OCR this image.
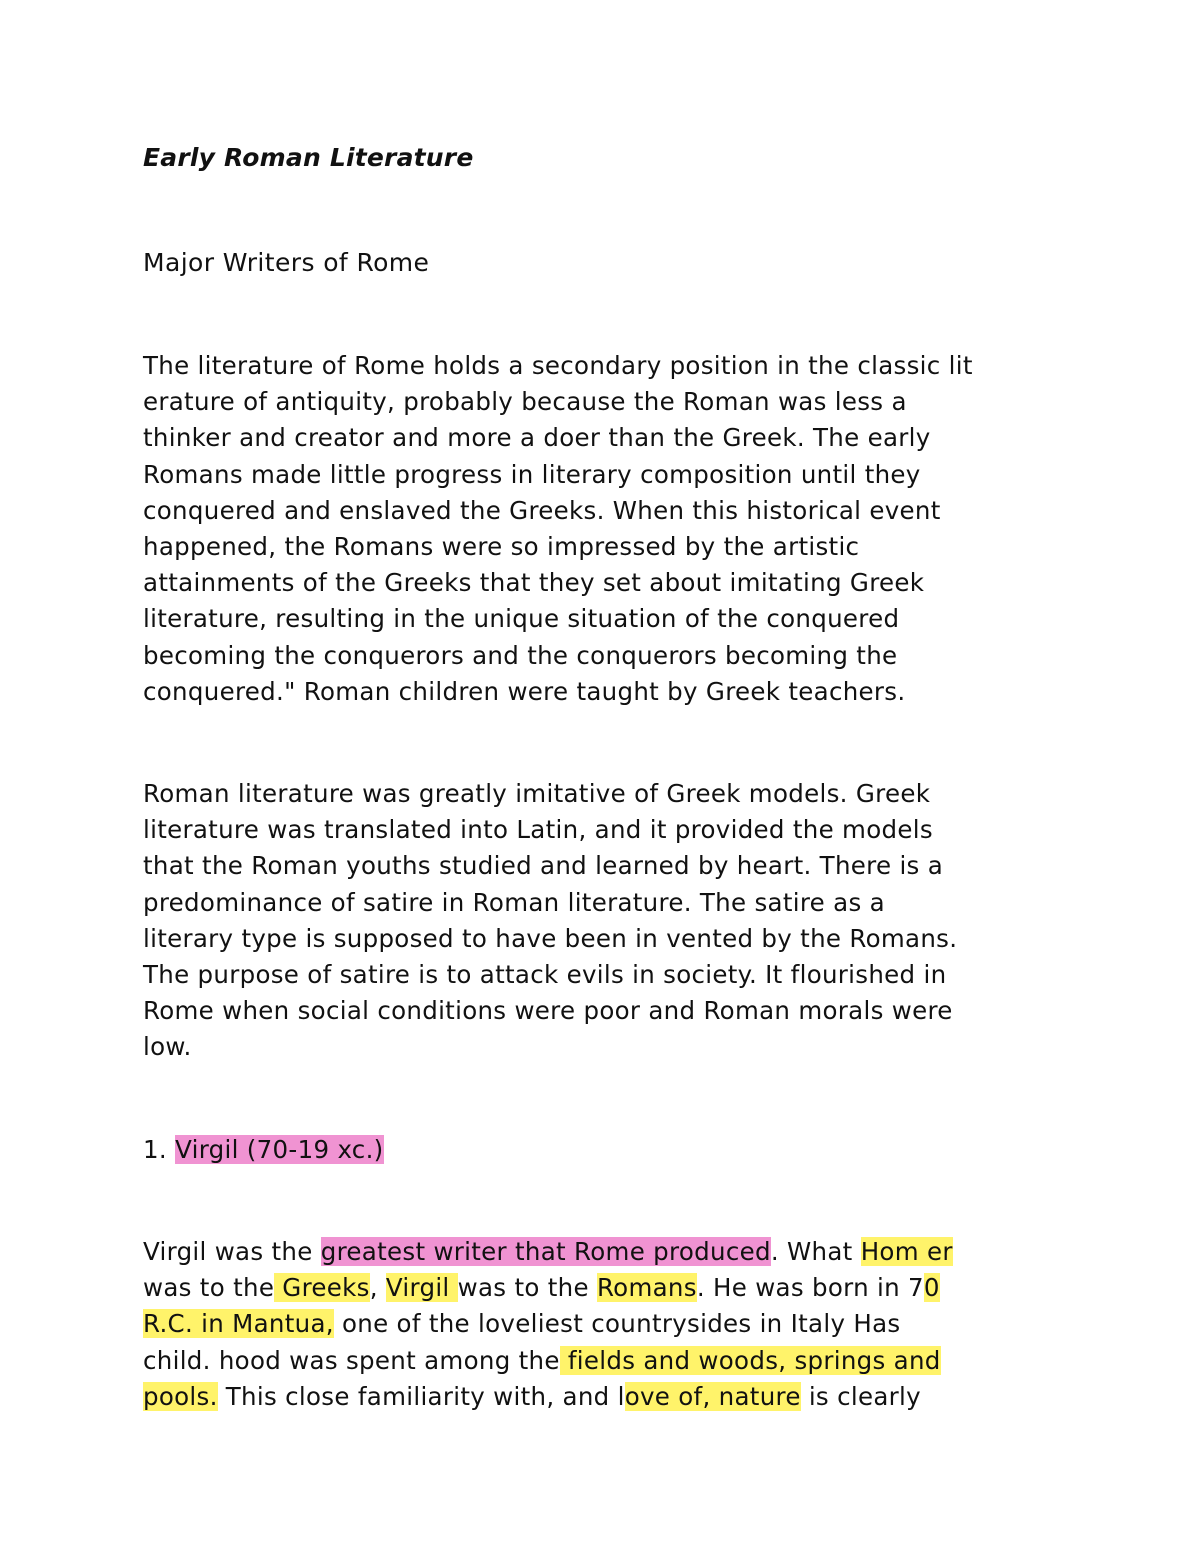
Early Roman Literature
Major Writers of Rome
The literature of Rome holds a secondary position in the classic lit
erature of antiquity, probably because the Roman was less a
thinker and creator and more a doer than the Greek. The early
Romans made little progress in literary composition until they
conquered and enslaved the Greeks. When this historical event
happened, the Romans were so impressed by the artistic
attainments of the Greeks that they set about imitating Greek
literature, resulting in the unique situation of the conquered
becoming the conquerors and the conquerors becoming the
conquered." Roman children were taught by Greek teachers.
Roman literature was greatly imitative of Greek models. Greek
literature was translated into Latin, and it provided the models
that the Roman youths studied and learned by heart. There is a
predominance of satire in Roman literature. The satire as a
literary type is supposed to have been in vented by the Romans.
The purpose of satire is to attack evils in society. It flourished in
Rome when social conditions were poor and Roman morals were
low.
1. Virgil (70-19 xc.)
Virgil was the greatest writer that Rome produced. What Hom er
was to the Greeks, Virgil was to the Romans. He was born in 70
R.C. in Mantua, one of the loveliest countrysides in Italy Has
child. hood was spent among the fields and woods, springs and
pools. This close familiarity with, and love of, nature is clearly
